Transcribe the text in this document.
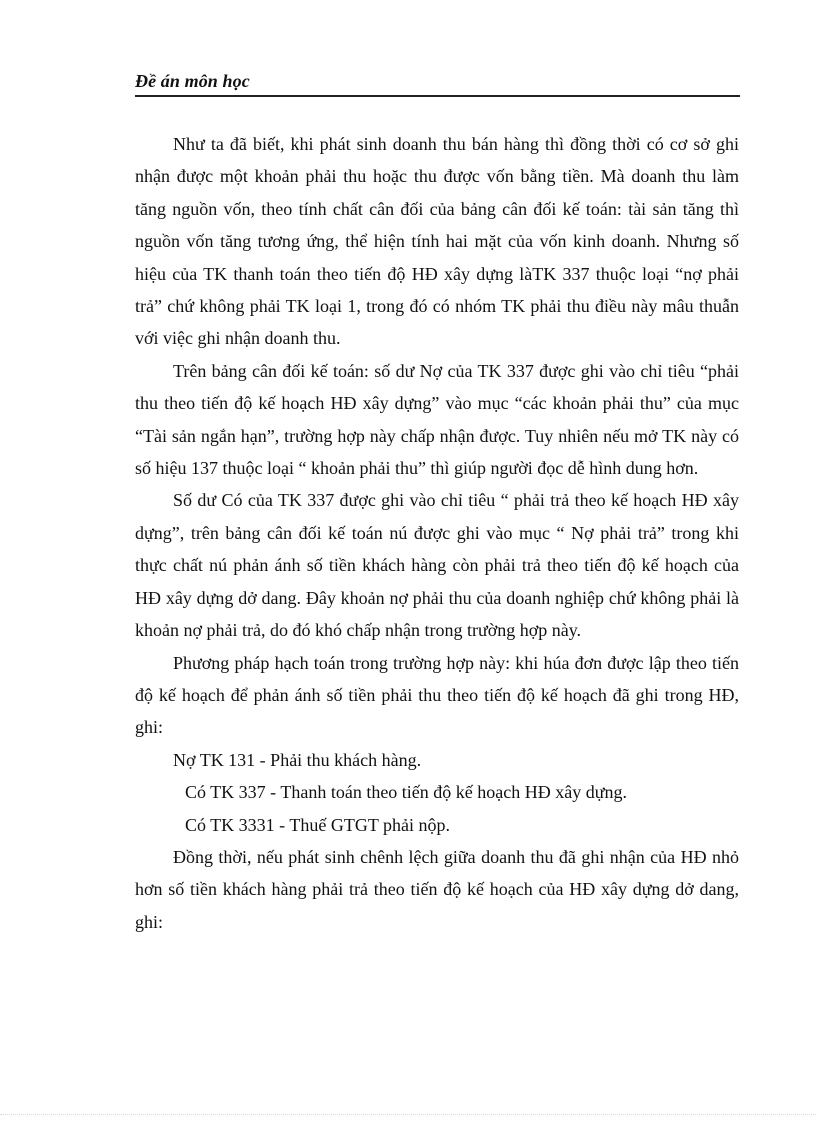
Đề án môn học

Như ta đã biết, khi phát sinh doanh thu bán hàng thì đồng thời có cơ sở ghi nhận được một khoản phải thu hoặc thu được vốn bằng tiền. Mà doanh thu làm tăng nguồn vốn, theo tính chất cân đối của bảng cân đối kế toán: tài sản tăng thì nguồn vốn tăng tương ứng, thể hiện tính hai mặt của vốn kinh doanh. Nhưng số hiệu của TK thanh toán theo tiến độ HĐ xây dựng làTK 337 thuộc loại “nợ phải trả” chứ không phải TK loại 1, trong đó có nhóm TK phải thu điều này mâu thuẫn với việc ghi nhận doanh thu.

Trên bảng cân đối kế toán: số dư Nợ của TK 337 được ghi vào chỉ tiêu “phải thu theo tiến độ kế hoạch HĐ xây dựng” vào mục “các khoản phải thu” của mục “Tài sản ngắn hạn”, trường hợp này chấp nhận được. Tuy nhiên nếu mở TK này có số hiệu 137 thuộc loại “ khoản phải thu” thì giúp người đọc dễ hình dung hơn.

Số dư Có của TK 337 được ghi vào chỉ tiêu “ phải trả theo kế hoạch HĐ xây dựng”, trên bảng cân đối kế toán nú được ghi vào mục “ Nợ phải trả” trong khi thực chất nú phản ánh số tiền khách hàng còn phải trả theo tiến độ kế hoạch của HĐ xây dựng dở dang. Đây khoản nợ phải thu của doanh nghiệp chứ không phải là khoản nợ phải trả, do đó khó chấp nhận trong trường hợp này.

Phương pháp hạch toán trong trường hợp này: khi húa đơn được lập theo tiến độ kế hoạch để phản ánh số tiền phải thu theo tiến độ kế hoạch đã ghi trong HĐ, ghi:

Nợ TK 131 - Phải thu khách hàng.
Có TK 337 - Thanh toán theo tiến độ kế hoạch HĐ xây dựng.
Có TK 3331 - Thuế GTGT phải nộp.

Đồng thời, nếu phát sinh chênh lệch giữa doanh thu đã ghi nhận của HĐ nhỏ hơn số tiền khách hàng phải trả theo tiến độ kế hoạch của HĐ xây dựng dở dang, ghi:
